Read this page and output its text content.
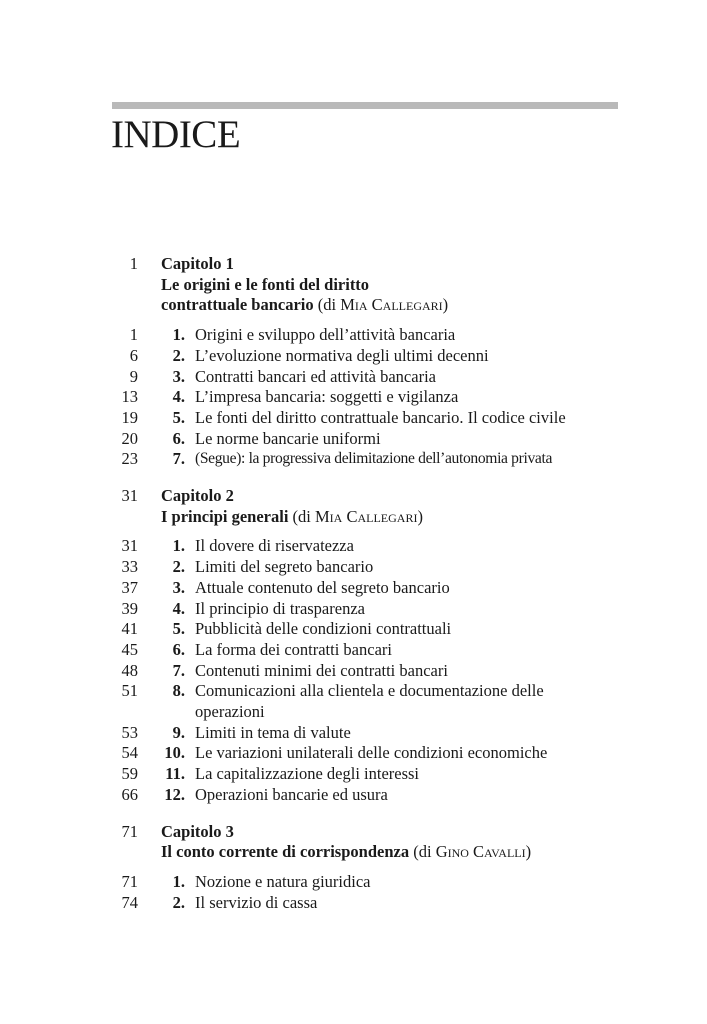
INDICE
1 Capitolo 1
Le origini e le fonti del diritto
contrattuale bancario (di Mia Callegari)
1	1. Origini e sviluppo dell’attività bancaria
6	2. L’evoluzione normativa degli ultimi decenni
9	3. Contratti bancari ed attività bancaria
13	4. L’impresa bancaria: soggetti e vigilanza
19	5. Le fonti del diritto contrattuale bancario. Il codice civile
20	6. Le norme bancarie uniformi
23	7. (Segue): la progressiva delimitazione dell’autonomia privata
31 Capitolo 2
I principi generali (di Mia Callegari)
31	1. Il dovere di riservatezza
33	2. Limiti del segreto bancario
37	3. Attuale contenuto del segreto bancario
39	4. Il principio di trasparenza
41	5. Pubblicità delle condizioni contrattuali
45	6. La forma dei contratti bancari
48	7. Contenuti minimi dei contratti bancari
51	8. Comunicazioni alla clientela e documentazione delle operazioni
53	9. Limiti in tema di valute
54	10. Le variazioni unilaterali delle condizioni economiche
59	11. La capitalizzazione degli interessi
66	12. Operazioni bancarie ed usura
71 Capitolo 3
Il conto corrente di corrispondenza (di Gino Cavalli)
71	1. Nozione e natura giuridica
74	2. Il servizio di cassa
